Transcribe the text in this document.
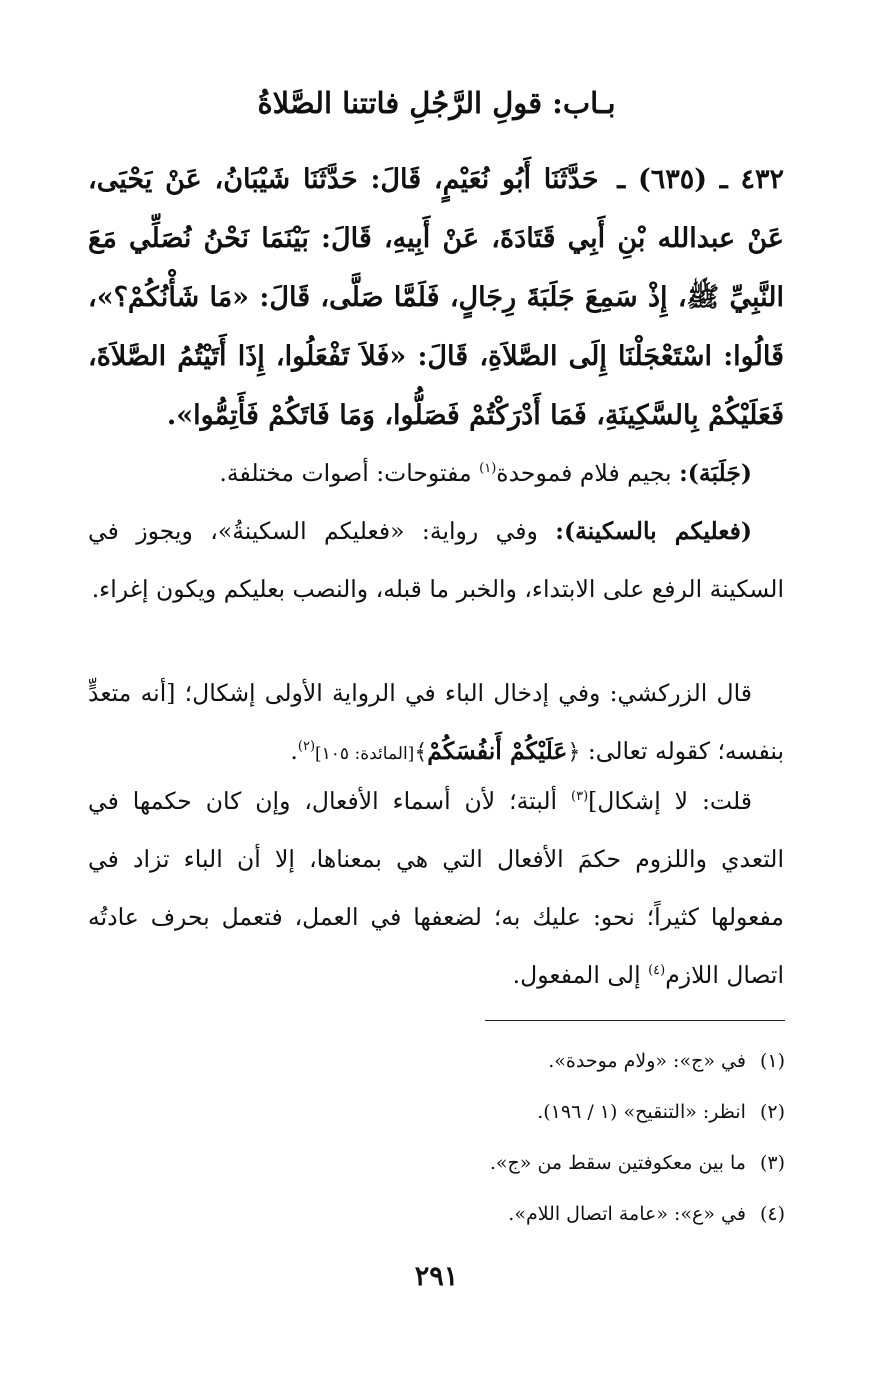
بـاب:قولِ الرَّجُلِ فاتتنا الصَّلاةُ
٤٣٢ ـ (٦٣٥) ـ حَدَّثَنَا أَبُو نُعَيْمٍ، قَالَ: حَدَّثَنَا شَيْبَانُ، عَنْ يَحْيَى، عَنْ عبدالله بْنِ أَبِي قَتَادَةَ، عَنْ أَبِيهِ، قَالَ: بَيْنَمَا نَحْنُ نُصَلِّي مَعَ النَّبِيِّ ﷺ، إِذْ سَمِعَ جَلَبَةَ رِجَالٍ، فَلَمَّا صَلَّى، قَالَ: «مَا شَأْنُكُمْ؟»، قَالُوا: اسْتَعْجَلْنَا إِلَى الصَّلاَةِ، قَالَ: «فَلاَ تَفْعَلُوا، إِذَا أَتَيْتُمُ الصَّلاَةَ، فَعَلَيْكُمْ بِالسَّكِينَةِ، فَمَا أَدْرَكْتُمْ فَصَلُّوا، وَمَا فَاتَكُمْ فَأَتِمُّوا».

(جَلَبَة): بجيم فلام فموحدة$^{(١)}$ مفتوحات: أصوات مختلفة.

(فعليكم بالسكينة): وفي رواية: «فعليكم السكينةُ»، ويجوز في السكينة الرفع على الابتداء، والخبر ما قبله، والنصب بعليكم ويكون إغراء.

قال الزركشي: وفي إدخال الباء في الرواية الأولى إشكال؛ [أنه متعدٍّ بنفسه؛ كقوله تعالى: ﴿عَلَيْكُمْ أَنفُسَكُمْ﴾[المائدة: ١٠٥]$^{(٢)}$.

قلت: لا إشكال]$^{(٣)}$ ألبتة؛ لأن أسماء الأفعال، وإن كان حكمها في التعدي واللزوم حكمَ الأفعال التي هي بمعناها، إلا أن الباء تزاد في مفعولها كثيراً؛ نحو: عليك به؛ لضعفها في العمل، فتعمل بحرف عادتُه اتصال اللازم$^{(٤)}$ إلى المفعول.

(١)في «ج»: «ولام موحدة».
(٢)انظر: «التنقيح» (١ / ١٩٦).
(٣)ما بين معكوفتين سقط من «ج».
(٤)في «ع»: «عامة اتصال اللام».
٢٩١
